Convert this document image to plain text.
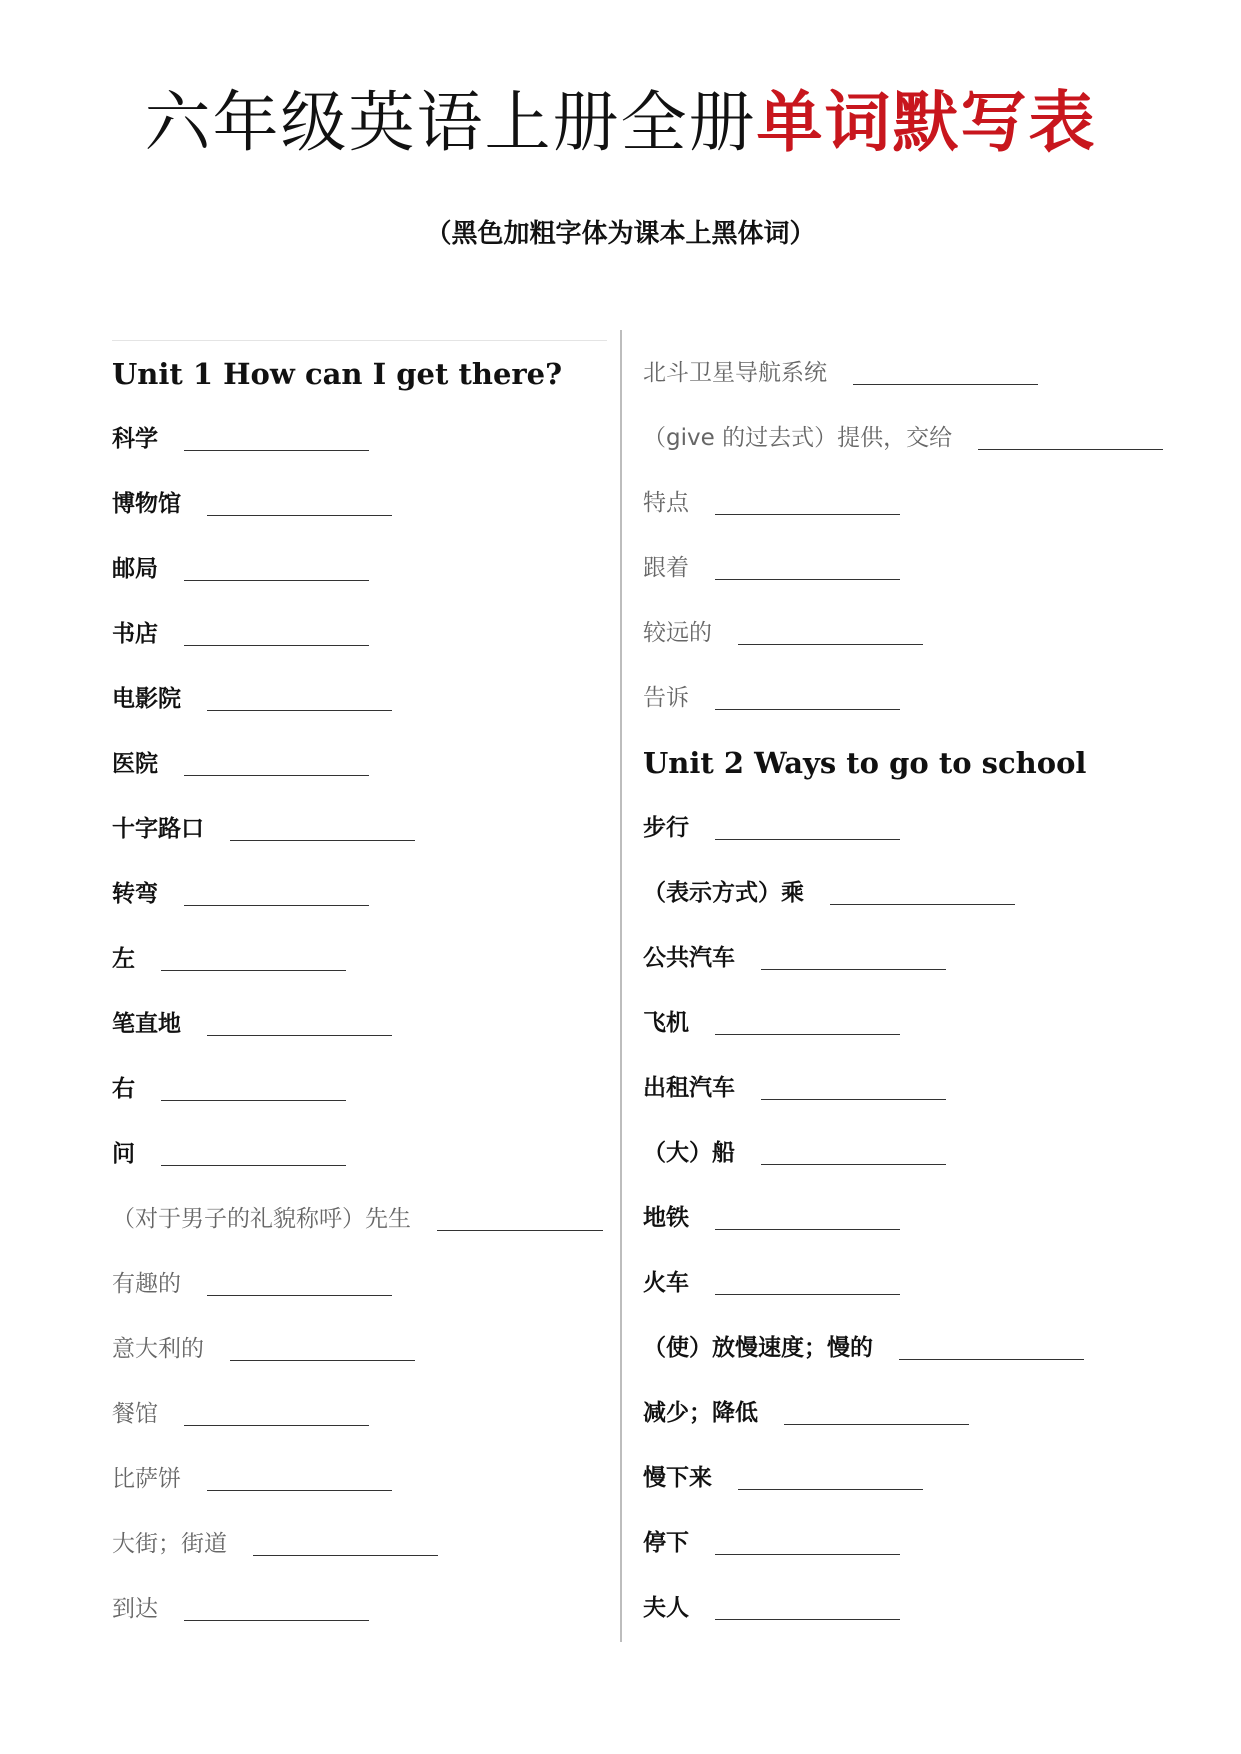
六年级英语上册全册单词默写表
（黑色加粗字体为课本上黑体词）
Unit 1 How can I get there?
科学
博物馆
邮局
书店
电影院
医院
十字路口
转弯
左
笔直地
右
问
（对于男子的礼貌称呼）先生
有趣的
意大利的
餐馆
比萨饼
大街；街道
到达
北斗卫星导航系统
（give 的过去式）提供，交给
特点
跟着
较远的
告诉
Unit 2 Ways to go to school
步行
（表示方式）乘
公共汽车
飞机
出租汽车
（大）船
地铁
火车
（使）放慢速度；慢的
减少；降低
慢下来
停下
夫人
